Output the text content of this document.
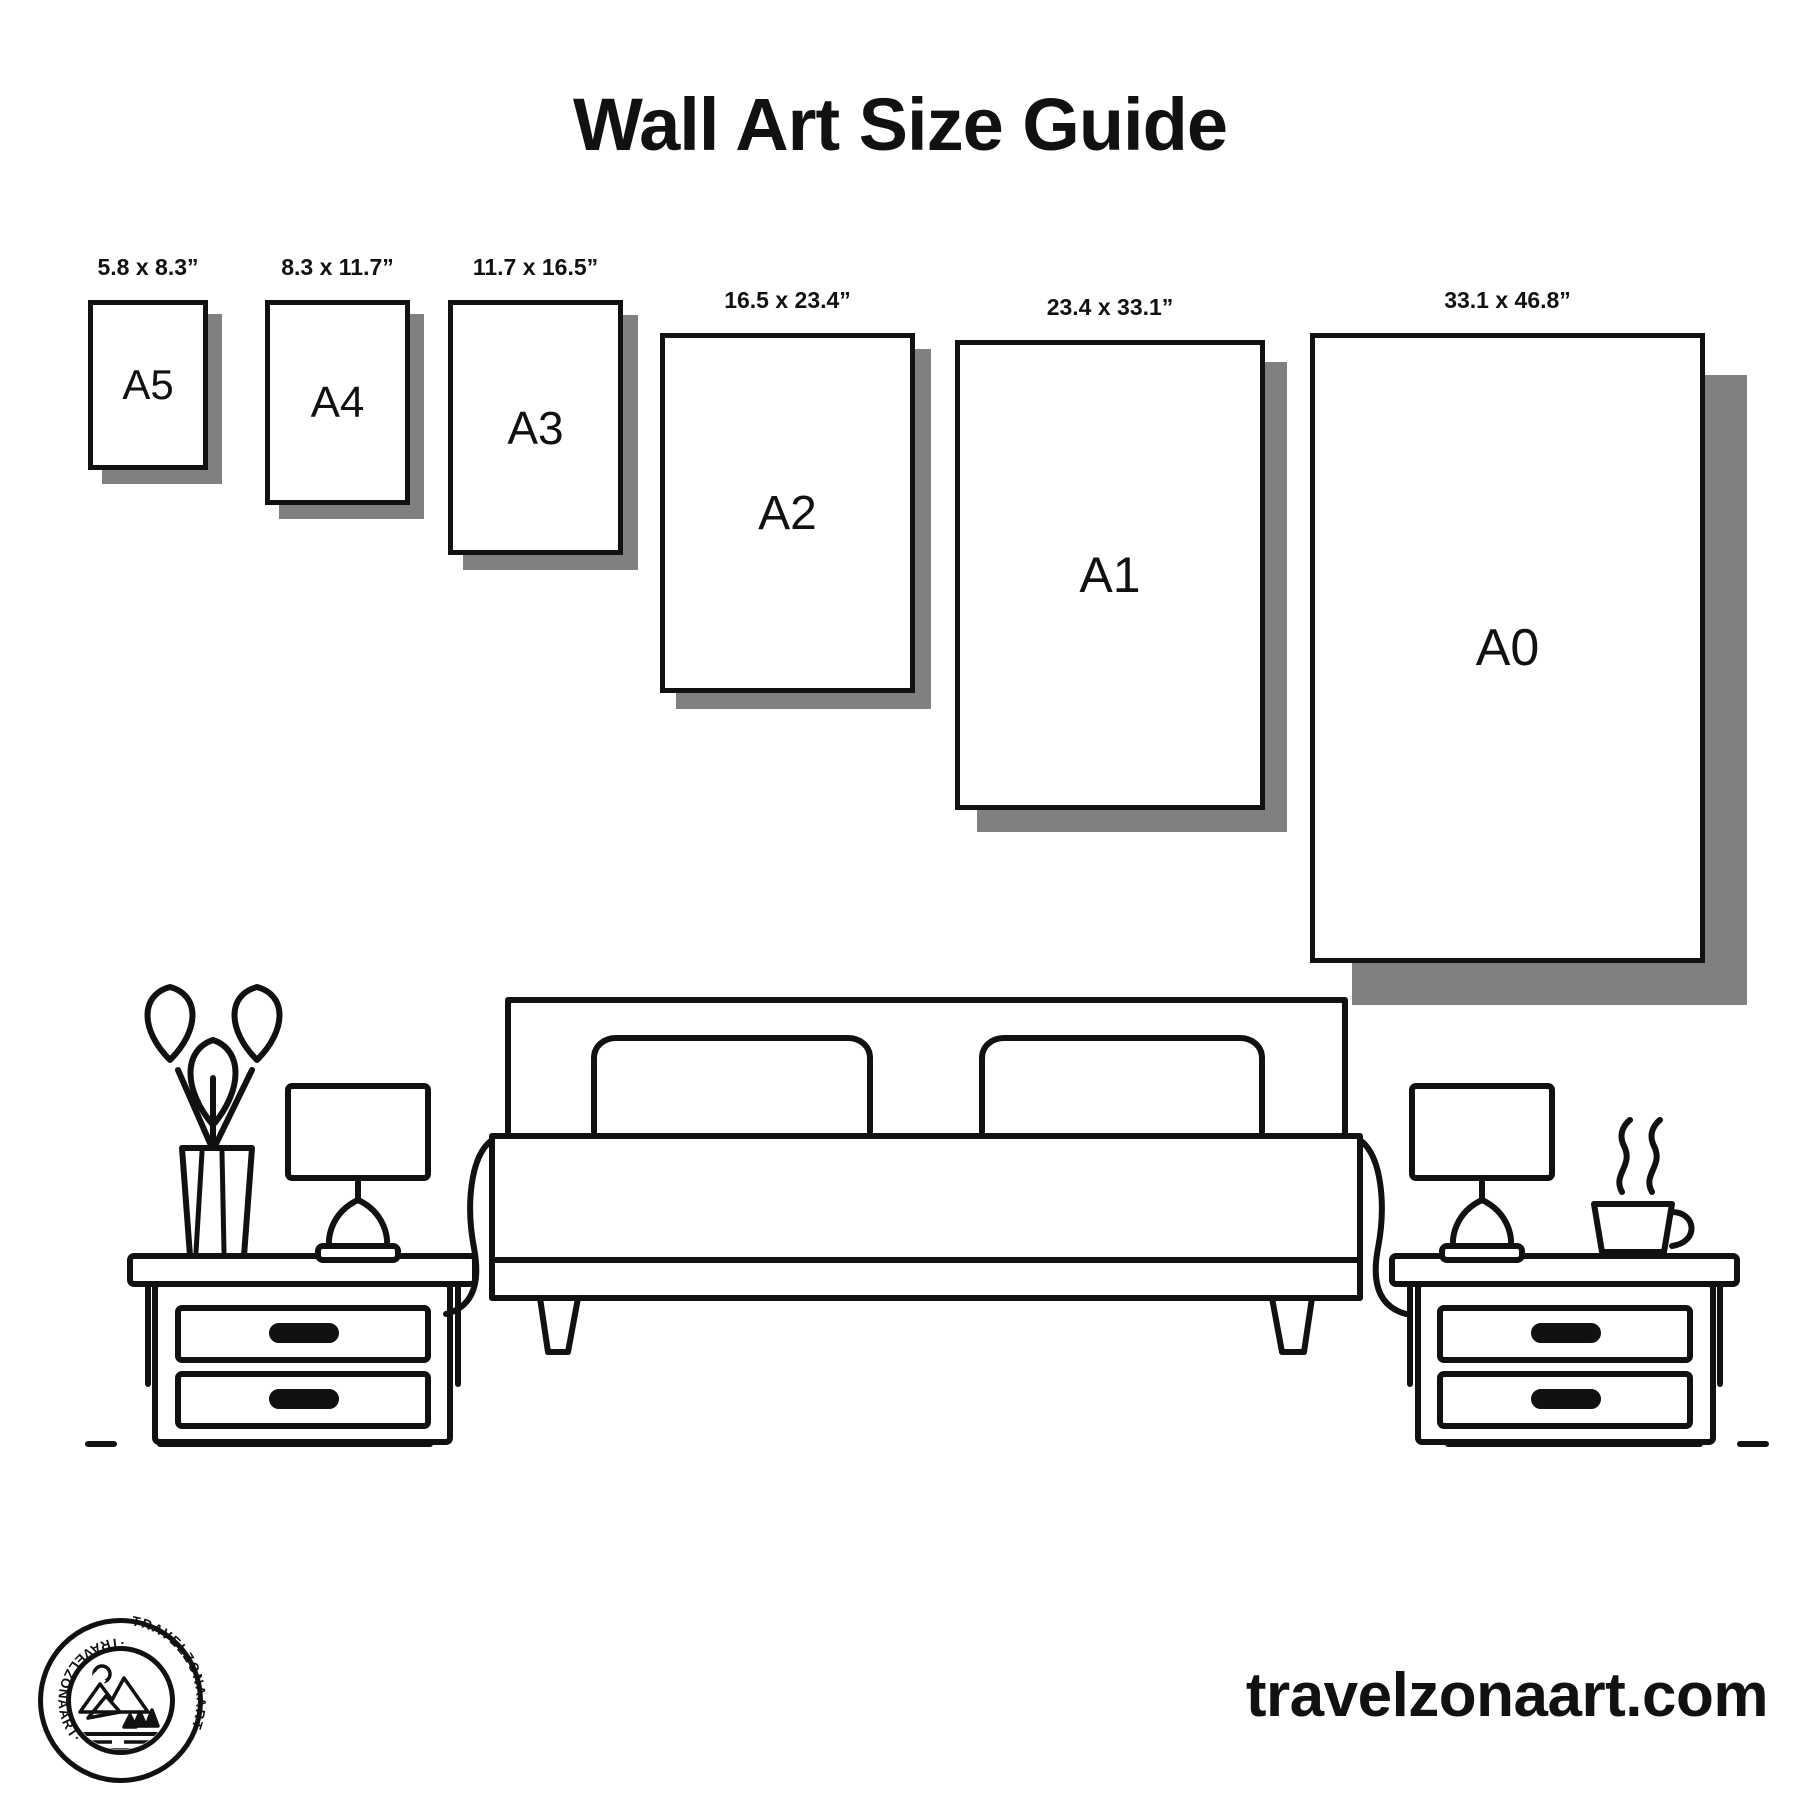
Wall Art Size Guide
5.8 x 8.3”
A5
8.3 x 11.7”
A4
11.7 x 16.5”
A3
16.5 x 23.4”
A2
23.4 x 33.1”
A1
33.1 x 46.8”
A0
·TRAVELZONAART·
·TRAVELZONAART·
travelzonaart.com
